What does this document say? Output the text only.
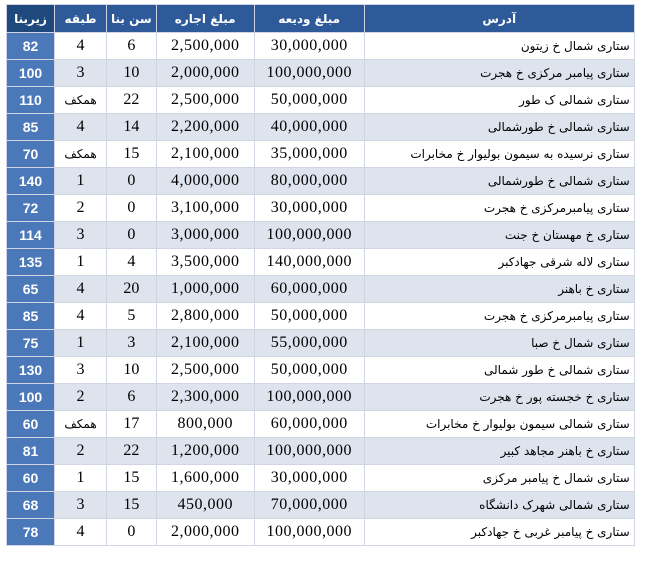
زیربنا	طبقه	سن بنا	مبلغ اجاره	مبلغ ودیعه	آدرس
82	4	6	2,500,000	30,000,000	ستاری شمال خ زیتون
100	3	10	2,000,000	100,000,000	ستاری پیامبر مرکزی خ هجرت
110	همکف	22	2,500,000	50,000,000	ستاری شمالی ک طور
85	4	14	2,200,000	40,000,000	ستاری شمالی خ طورشمالی
70	همکف	15	2,100,000	35,000,000	ستاری نرسیده به سیمون بولیوار خ مخابرات
140	1	0	4,000,000	80,000,000	ستاری شمالی خ طورشمالی
72	2	0	3,100,000	30,000,000	ستاری پیامبرمرکزی خ هجرت
114	3	0	3,000,000	100,000,000	ستاری خ مهستان خ جنت
135	1	4	3,500,000	140,000,000	ستاری لاله شرقی جهادکبر
65	4	20	1,000,000	60,000,000	ستاری خ باهنر
85	4	5	2,800,000	50,000,000	ستاری پیامبرمرکزی خ هجرت
75	1	3	2,100,000	55,000,000	ستاری شمال خ صبا
130	3	10	2,500,000	50,000,000	ستاری شمالی خ طور شمالی
100	2	6	2,300,000	100,000,000	ستاری خ خجسته پور خ هجرت
60	همکف	17	800,000	60,000,000	ستاری شمالی سیمون بولیوار خ مخابرات
81	2	22	1,200,000	100,000,000	ستاری خ باهنر مجاهد کبیر
60	1	15	1,600,000	30,000,000	ستاری شمال خ پیامبر مرکزی
68	3	15	450,000	70,000,000	ستاری شمالی شهرک دانشگاه
78	4	0	2,000,000	100,000,000	ستاری خ پیامبر غربی خ جهادکبر
